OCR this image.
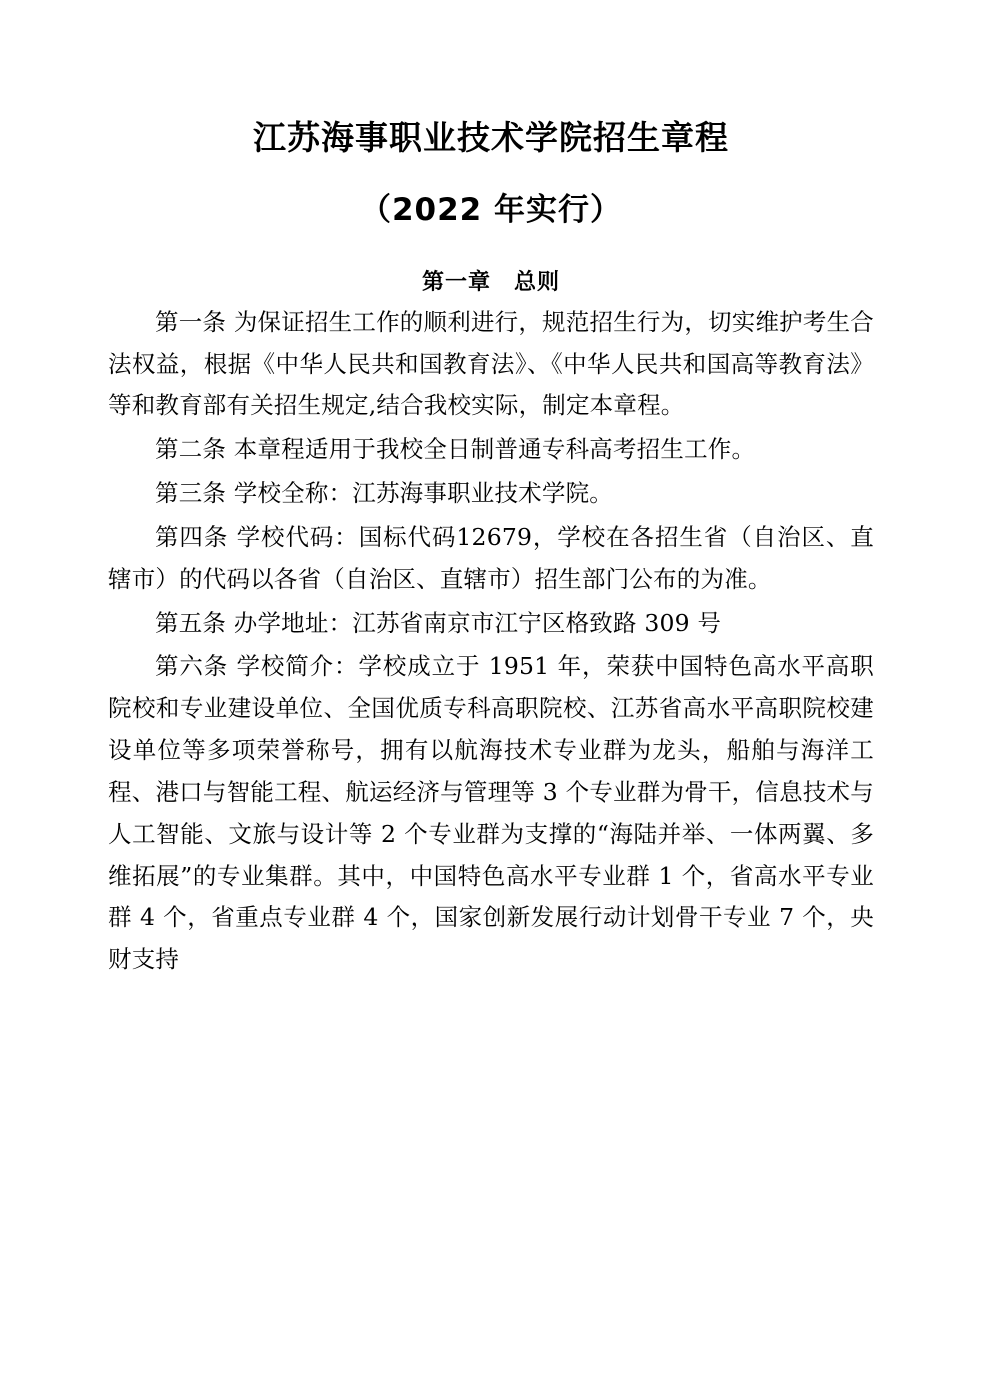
江苏海事职业技术学院招生章程
（2022 年实行）
第一章　总则

第一条 为保证招生工作的顺利进行，规范招生行为，切实维护考生合法权益，根据《中华人民共和国教育法》、《中华人民共和国高等教育法》等和教育部有关招生规定,结合我校实际，制定本章程。

第二条 本章程适用于我校全日制普通专科高考招生工作。

第三条 学校全称：江苏海事职业技术学院。

第四条 学校代码：国标代码12679，学校在各招生省（自治区、直辖市）的代码以各省（自治区、直辖市）招生部门公布的为准。

第五条 办学地址：江苏省南京市江宁区格致路 309 号

第六条 学校简介：学校成立于 1951 年，荣获中国特色高水平高职院校和专业建设单位、全国优质专科高职院校、江苏省高水平高职院校建设单位等多项荣誉称号，拥有以航海技术专业群为龙头，船舶与海洋工程、港口与智能工程、航运经济与管理等 3 个专业群为骨干，信息技术与人工智能、文旅与设计等 2 个专业群为支撑的“海陆并举、一体两翼、多维拓展”的专业集群。其中，中国特色高水平专业群 1 个，省高水平专业群 4 个，省重点专业群 4 个，国家创新发展行动计划骨干专业 7 个，央财支持
